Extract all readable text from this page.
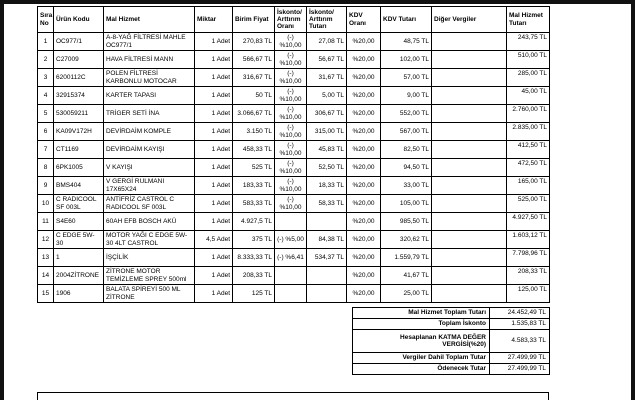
Sıra No	Ürün Kodu	Mal Hizmet	Miktar	Birim Fiyat	İskonto/ Arttırım Oranı	İskonto/ Arttırım Tutarı	KDV Oranı	KDV Tutarı	Diğer Vergiler	Mal Hizmet Tutarı
1	OC977/1	A-8-YAĞ FİLTRESİ MAHLE OC977/1	1 Adet	270,83 TL	(-) %10,00	27,08 TL	%20,00	48,75 TL		243,75 TL
2	C27009	HAVA FİLTRESİ MANN	1 Adet	566,67 TL	(-) %10,00	56,67 TL	%20,00	102,00 TL		510,00 TL
3	6200112C	POLEN FİLTRESİ KARBONLU MOTOCAR	1 Adet	316,67 TL	(-) %10,00	31,67 TL	%20,00	57,00 TL		285,00 TL
4	32915374	KARTER TAPASI	1 Adet	50 TL	(-) %10,00	5,00 TL	%20,00	9,00 TL		45,00 TL
5	530059211	TRİGER SETİ İNA	1 Adet	3.066,67 TL	(-) %10,00	306,67 TL	%20,00	552,00 TL		2.760,00 TL
6	KA09V172H	DEVİRDAİM KOMPLE	1 Adet	3.150 TL	(-) %10,00	315,00 TL	%20,00	567,00 TL		2.835,00 TL
7	CT1169	DEVİRDAİM KAYIŞI	1 Adet	458,33 TL	(-) %10,00	45,83 TL	%20,00	82,50 TL		412,50 TL
8	6PK1005	V KAYIŞI	1 Adet	525 TL	(-) %10,00	52,50 TL	%20,00	94,50 TL		472,50 TL
9	BMS404	V GERGİ RULMANI 17X65X24	1 Adet	183,33 TL	(-) %10,00	18,33 TL	%20,00	33,00 TL		165,00 TL
10	C RADICOOL SF 003L	ANTİFRİZ CASTROL C RADICOOL SF 003L	1 Adet	583,33 TL	(-) %10,00	58,33 TL	%20,00	105,00 TL		525,00 TL
11	S4E60	60AH EFB BOSCH AKÜ	1 Adet	4.927,5 TL			%20,00	985,50 TL		4.927,50 TL
12	C EDGE 5W-30	MOTOR YAĞI C EDGE 5W-30 4LT CASTROL	4,5 Adet	375 TL	(-) %5,00	84,38 TL	%20,00	320,62 TL		1.603,12 TL
13	1	İŞÇİLİK	1 Adet	8.333,33 TL	(-) %6,41	534,37 TL	%20,00	1.559,79 TL		7.798,96 TL
14	2004ZİTRONE	ZİTRONE MOTOR TEMİZLEME SPREY 500ml	1 Adet	208,33 TL			%20,00	41,67 TL		208,33 TL
15	1906	BALATA SPİREYİ 500 ML ZİTRONE	1 Adet	125 TL			%20,00	25,00 TL		125,00 TL
Mal Hizmet Toplam Tutarı	24.452,49 TL
Toplam İskonto	1.535,83 TL
Hesaplanan KATMA DEĞER VERGİSİ(%20)	4.583,33 TL
Vergiler Dahil Toplam Tutar	27.499,99 TL
Ödenecek Tutar	27.499,99 TL
